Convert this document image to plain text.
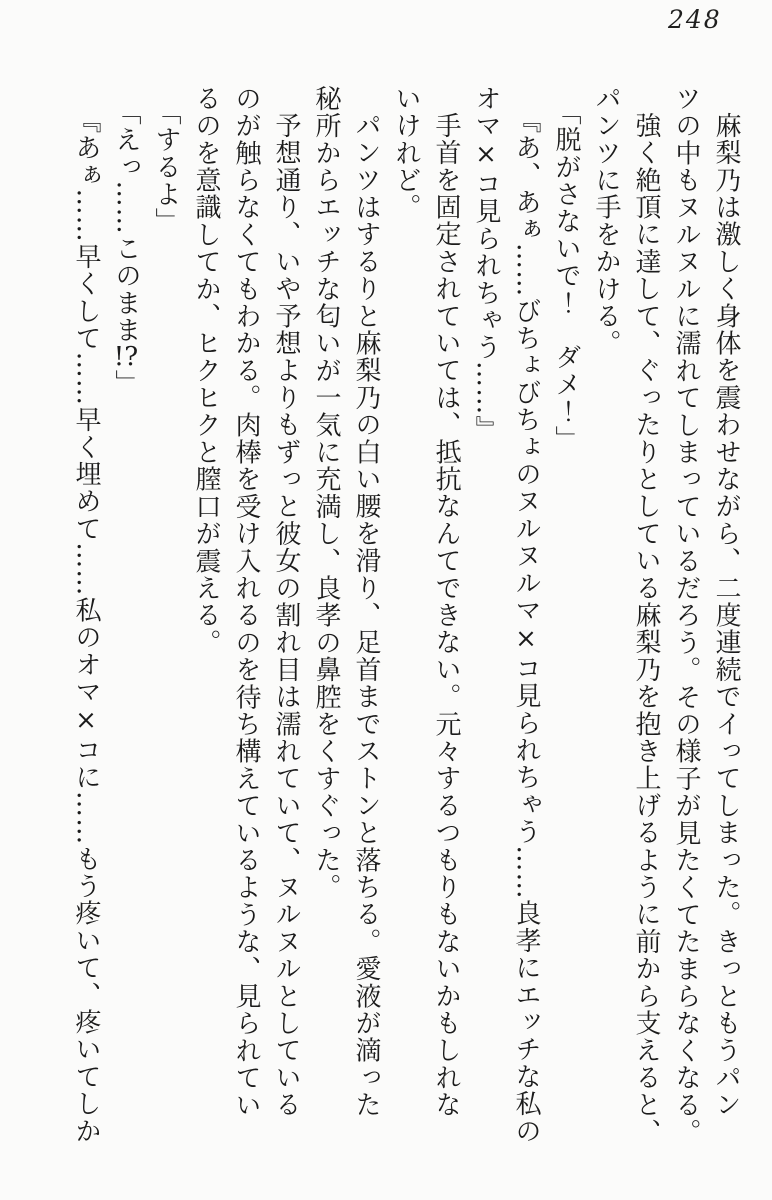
248
麻梨乃は激しく身体を震わせながら、二度連続でイってしまった。きっともうパン
ツの中もヌルヌルに濡れてしまっているだろう。その様子が見たくてたまらなくなる。
強く絶頂に達して、ぐったりとしている麻梨乃を抱き上げるように前から支えると、
パンツに手をかける。
「脱がさないで！　ダメ！」
『あ、あぁ……びちょびちょのヌルヌルマ×コ見られちゃう……良孝にエッチな私の
オマ×コ見られちゃう……』
手首を固定されていては、抵抗なんてできない。元々するつもりもないかもしれな
いけれど。
パンツはするりと麻梨乃の白い腰を滑り、足首までストンと落ちる。愛液が滴った
秘所からエッチな匂いが一気に充満し、良孝の鼻腔をくすぐった。
予想通り、いや予想よりもずっと彼女の割れ目は濡れていて、ヌルヌルとしている
のが触らなくてもわかる。肉棒を受け入れるのを待ち構えているような、見られてい
るのを意識してか、ヒクヒクと膣口が震える。
「するよ」
「えっ……このまま!?」
『あぁ……早くして……早く埋めて……私のオマ×コに……もう疼いて、疼いてしか
